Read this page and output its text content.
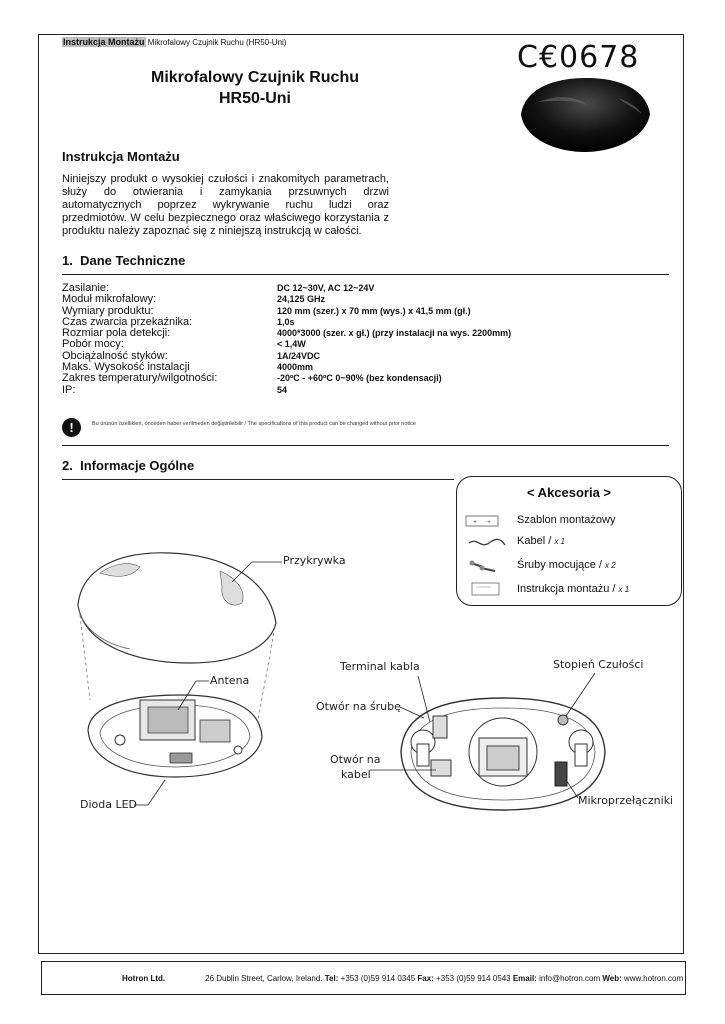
Instrukcja Montażu Mikrofalowy Czujnik Ruchu (HR50-Uni)
Mikrofalowy Czujnik Ruchu
HR50-Uni
C€0678
Instrukcja Montażu
Niniejszy produkt o wysokiej czułości i znakomitych parametrach, służy do otwierania i zamykania przsuwnych drzwi automatycznych poprzez wykrywanie ruchu ludzi oraz przedmiotów. W celu bezpiecznego oraz właściwego korzystania z produktu należy zapoznać się z niniejszą instrukcją w całości.
1. Dane Techniczne
Zasilanie:	DC 12~30V, AC 12~24V
Moduł mikrofalowy:	24,125 GHz
Wymiary produktu:	120 mm (szer.) x 70 mm (wys.) x 41,5 mm (gł.)
Czas zwarcia przekaźnika:	1,0s
Rozmiar pola detekcji:	4000*3000 (szer. x gł.) (przy instalacji na wys. 2200mm)
Pobór mocy:	< 1,4W
Obciążalność styków:	1A/24VDC
Maks. Wysokość instalacji	4000mm
Zakres temperatury/wilgotności:	-20ºC - +60ºC 0~90% (bez kondensacji)
IP:	54
!	Bu ürünün özellikleri, önceden haber verilmeden değiştirilebilir / The specifications of this product can be changed without prior notice
2. Informacje Ogólne
< Akcesoria >
+ + Szablon montażowy
Kabel / x 1
Śruby mocujące / x 2
Instrukcja montażu / x 1
Przykrywka
Antena
Dioda LED
Terminal kabla
Otwór na śrubę
Otwór na
kabel
Stopień Czułości
Mikroprzełączniki
Hotron Ltd.	26 Dublin Street, Carlow, Ireland. Tel: +353 (0)59 914 0345 Fax: +353 (0)59 914 0543 Email: info@hotron.com Web: www.hotron.com
